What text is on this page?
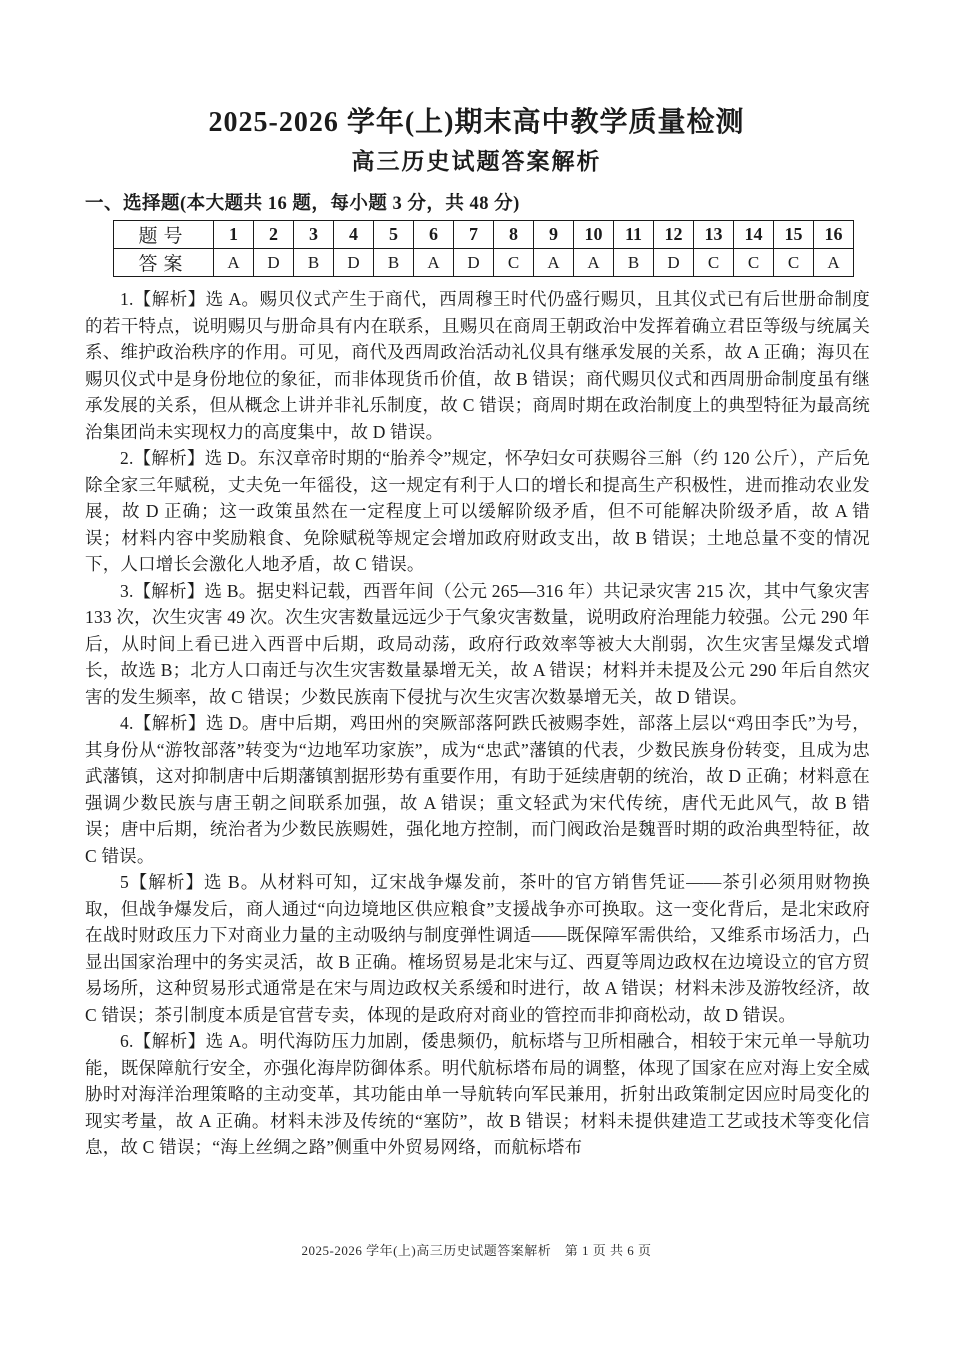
2025-2026 学年(上)期末高中教学质量检测
高三历史试题答案解析
一、选择题(本大题共 16 题，每小题 3 分，共 48 分)
题号	1	2	3	4	5	6	7	8	9	10	11	12	13	14	15	16
答案	A	D	B	D	B	A	D	C	A	A	B	D	C	C	C	A

1.【解析】选 A。赐贝仪式产生于商代，西周穆王时代仍盛行赐贝，且其仪式已有后世册命制度的若干特点，说明赐贝与册命具有内在联系，且赐贝在商周王朝政治中发挥着确立君臣等级与统属关系、维护政治秩序的作用。可见，商代及西周政治活动礼仪具有继承发展的关系，故 A 正确；海贝在赐贝仪式中是身份地位的象征，而非体现货币价值，故 B 错误；商代赐贝仪式和西周册命制度虽有继承发展的关系，但从概念上讲并非礼乐制度，故 C 错误；商周时期在政治制度上的典型特征为最高统治集团尚未实现权力的高度集中，故 D 错误。

2.【解析】选 D。东汉章帝时期的“胎养令”规定，怀孕妇女可获赐谷三斛（约 120 公斤），产后免除全家三年赋税，丈夫免一年徭役，这一规定有利于人口的增长和提高生产积极性，进而推动农业发展，故 D 正确；这一政策虽然在一定程度上可以缓解阶级矛盾，但不可能解决阶级矛盾，故 A 错误；材料内容中奖励粮食、免除赋税等规定会增加政府财政支出，故 B 错误；土地总量不变的情况下，人口增长会激化人地矛盾，故 C 错误。

3.【解析】选 B。据史料记载，西晋年间（公元 265—316 年）共记录灾害 215 次，其中气象灾害 133 次，次生灾害 49 次。次生灾害数量远远少于气象灾害数量，说明政府治理能力较强。公元 290 年后，从时间上看已进入西晋中后期，政局动荡，政府行政效率等被大大削弱，次生灾害呈爆发式增长，故选 B；北方人口南迁与次生灾害数量暴增无关，故 A 错误；材料并未提及公元 290 年后自然灾害的发生频率，故 C 错误；少数民族南下侵扰与次生灾害次数暴增无关，故 D 错误。

4.【解析】选 D。唐中后期，鸡田州的突厥部落阿跌氏被赐李姓，部落上层以“鸡田李氏”为号，其身份从“游牧部落”转变为“边地军功家族”，成为“忠武”藩镇的代表，少数民族身份转变，且成为忠武藩镇，这对抑制唐中后期藩镇割据形势有重要作用，有助于延续唐朝的统治，故 D 正确；材料意在强调少数民族与唐王朝之间联系加强，故 A 错误；重文轻武为宋代传统，唐代无此风气，故 B 错误；唐中后期，统治者为少数民族赐姓，强化地方控制，而门阀政治是魏晋时期的政治典型特征，故 C 错误。

5【解析】选 B。从材料可知，辽宋战争爆发前，茶叶的官方销售凭证——茶引必须用财物换取，但战争爆发后，商人通过“向边境地区供应粮食”支援战争亦可换取。这一变化背后，是北宋政府在战时财政压力下对商业力量的主动吸纳与制度弹性调适——既保障军需供给，又维系市场活力，凸显出国家治理中的务实灵活，故 B 正确。榷场贸易是北宋与辽、西夏等周边政权在边境设立的官方贸易场所，这种贸易形式通常是在宋与周边政权关系缓和时进行，故 A 错误；材料未涉及游牧经济，故 C 错误；茶引制度本质是官营专卖，体现的是政府对商业的管控而非抑商松动，故 D 错误。

6.【解析】选 A。明代海防压力加剧，倭患频仍，航标塔与卫所相融合，相较于宋元单一导航功能，既保障航行安全，亦强化海岸防御体系。明代航标塔布局的调整，体现了国家在应对海上安全威胁时对海洋治理策略的主动变革，其功能由单一导航转向军民兼用，折射出政策制定因应时局变化的现实考量，故 A 正确。材料未涉及传统的“塞防”，故 B 错误；材料未提供建造工艺或技术等变化信息，故 C 错误；“海上丝绸之路”侧重中外贸易网络，而航标塔布

2025-2026 学年(上)高三历史试题答案解析　第 1 页 共 6 页
